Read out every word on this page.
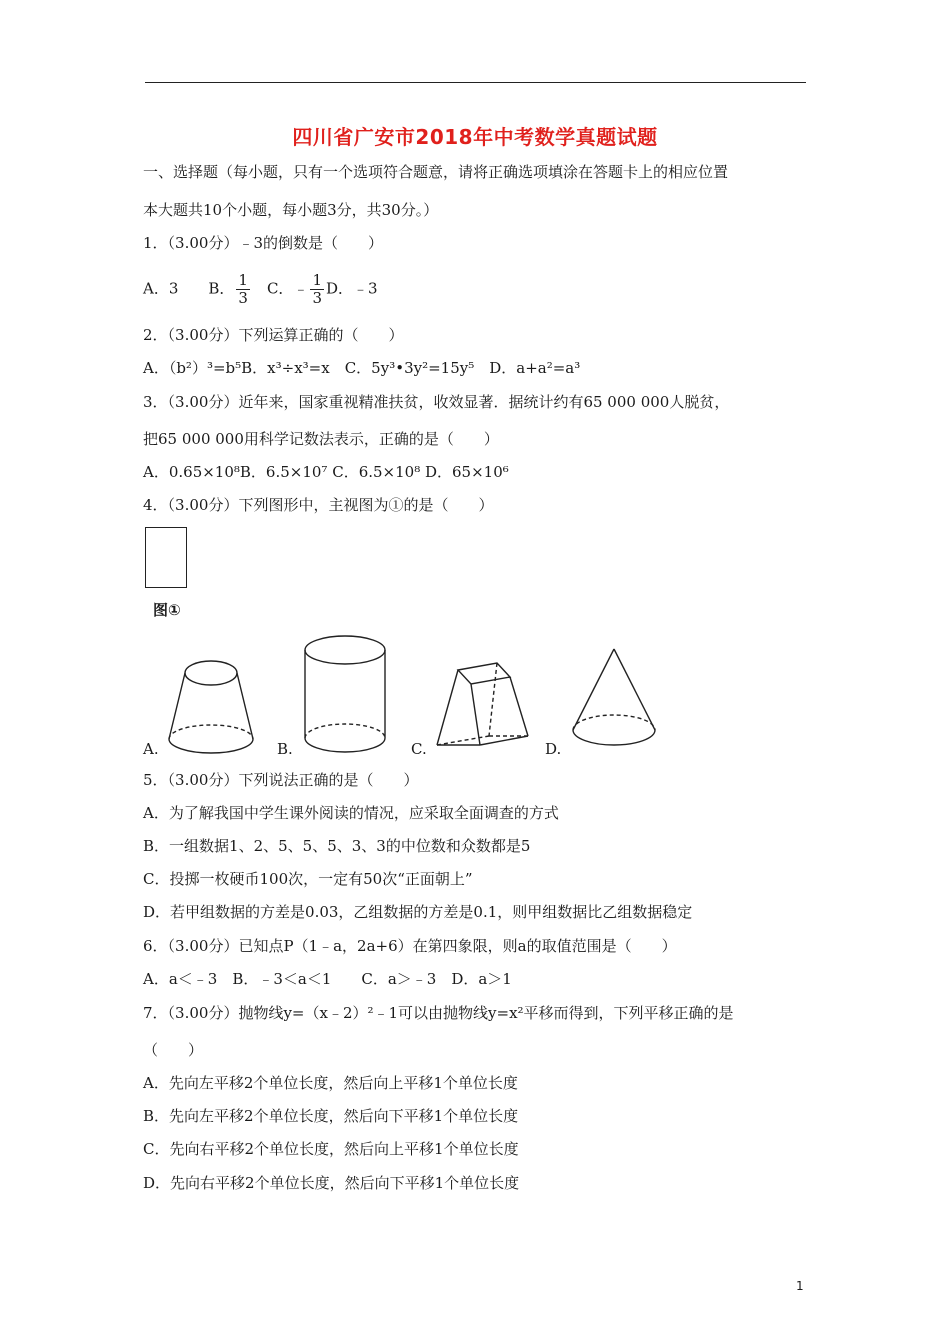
四川省广安市2018年中考数学真题试题
一、选择题（每小题，只有一个选项符合题意，请将正确选项填涂在答题卡上的相应位置
本大题共10个小题，每小题3分，共30分。）
1．（3.00分）﹣3的倒数是（　　）
A．3　　B． $\frac{1}{3}$ 　C．﹣ $\frac{1}{3}$ D．﹣3
2．（3.00分）下列运算正确的（　　）
A．（b²）³=b⁵B．x³÷x³=x　C．5y³•3y²=15y⁵　D．a+a²=a³
3．（3.00分）近年来，国家重视精准扶贫，收效显著．据统计约有65 000 000人脱贫，
把65 000 000用科学记数法表示，正确的是（　　）
A．0.65×10⁸B．6.5×10⁷ C．6.5×10⁸ D．65×10⁶
4．（3.00分）下列图形中，主视图为①的是（　　）
图①
A.	B.	C.	D.
5．（3.00分）下列说法正确的是（　　）
A．为了解我国中学生课外阅读的情况，应采取全面调查的方式
B．一组数据1、2、5、5、5、3、3的中位数和众数都是5
C．投掷一枚硬币100次，一定有50次“正面朝上”
D．若甲组数据的方差是0.03，乙组数据的方差是0.1，则甲组数据比乙组数据稳定
6．（3.00分）已知点P（1﹣a，2a+6）在第四象限，则a的取值范围是（　　）
A．a＜﹣3　B．﹣3＜a＜1　　C．a＞﹣3　D．a＞1
7．（3.00分）抛物线y=（x﹣2）²﹣1可以由抛物线y=x²平移而得到，下列平移正确的是
（　　）
A．先向左平移2个单位长度，然后向上平移1个单位长度
B．先向左平移2个单位长度，然后向下平移1个单位长度
C．先向右平移2个单位长度，然后向上平移1个单位长度
D．先向右平移2个单位长度，然后向下平移1个单位长度
1
